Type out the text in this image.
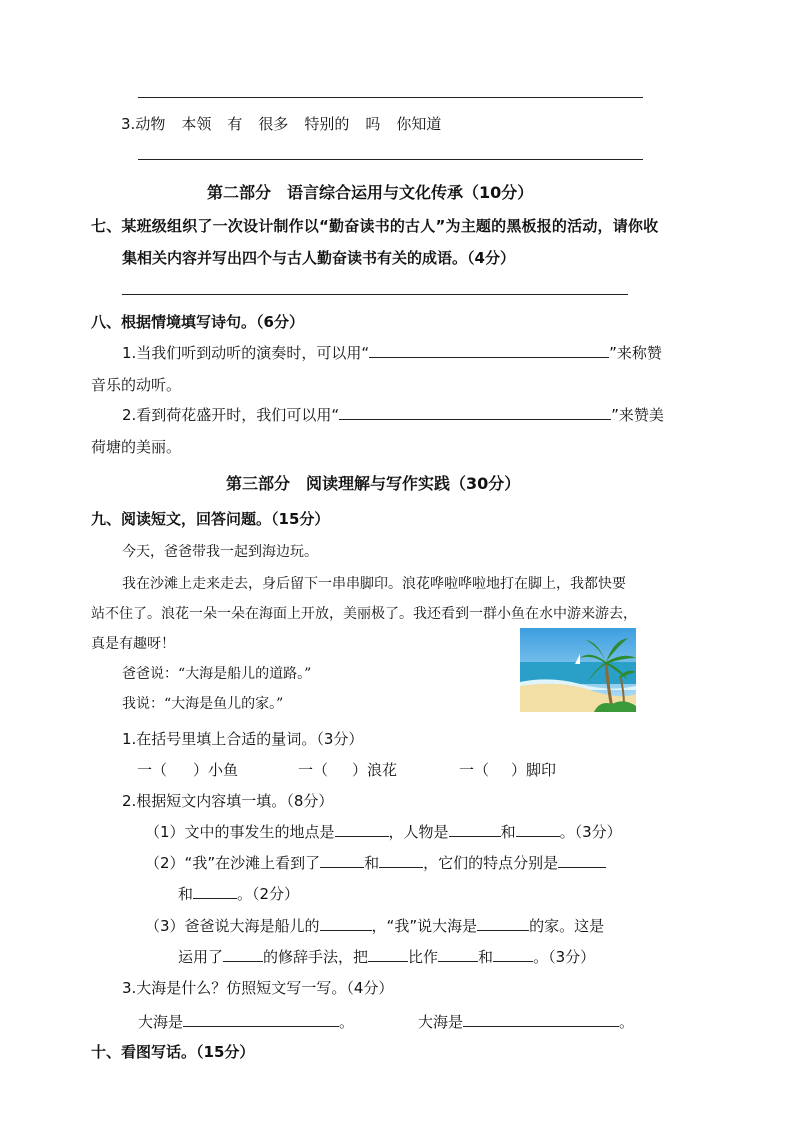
3.动物 本领 有 很多 特别的 吗 你知道
第二部分　语言综合运用与文化传承（10分）
七、某班级组织了一次设计制作以“勤奋读书的古人”为主题的黑板报的活动，请你收
集相关内容并写出四个与古人勤奋读书有关的成语。（4分）
八、根据情境填写诗句。（6分）
1.当我们听到动听的演奏时，可以用“	”来称赞
音乐的动听。
2.看到荷花盛开时，我们可以用“	”来赞美
荷塘的美丽。
第三部分　阅读理解与写作实践（30分）
九、阅读短文，回答问题。（15分）
今天，爸爸带我一起到海边玩。
我在沙滩上走来走去，身后留下一串串脚印。浪花哗啦哗啦地打在脚上，我都快要
站不住了。浪花一朵一朵在海面上开放，美丽极了。我还看到一群小鱼在水中游来游去，
真是有趣呀！
爸爸说：“大海是船儿的道路。”
我说：“大海是鱼儿的家。”
1.在括号里填上合适的量词。（3分）
一（ ）小鱼	一（ ）浪花	一（ ）脚印
2.根据短文内容填一填。（8分）
（1）文中的事发生的地点是	，人物是	和	。（3分）
（2）“我”在沙滩上看到了	和	，它们的特点分别是
和	。（2分）
（3）爸爸说大海是船儿的	，“我”说大海是	的家。这是
运用了	的修辞手法，把	比作	和	。（3分）
3.大海是什么？仿照短文写一写。（4分）
大海是	。	大海是	。
十、看图写话。（15分）
